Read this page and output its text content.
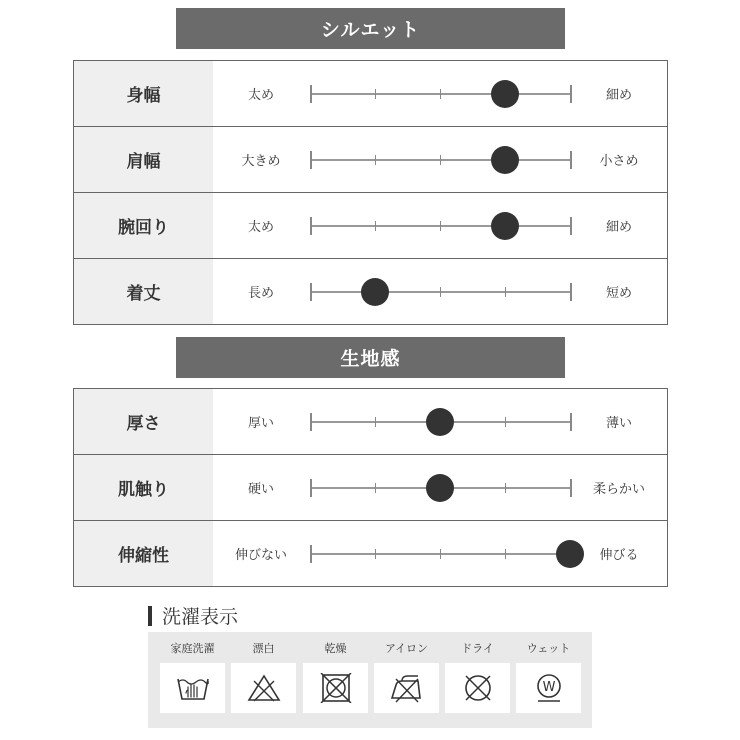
シルエット
身幅	太め	細め
肩幅	大きめ	小さめ
腕回り	太め	細め
着丈	長め	短め
生地感
厚さ	厚い	薄い
肌触り	硬い	柔らかい
伸縮性	伸びない	伸びる
洗濯表示
家庭洗濯	漂白	乾燥	アイロン	ドライ	ウェット
W
